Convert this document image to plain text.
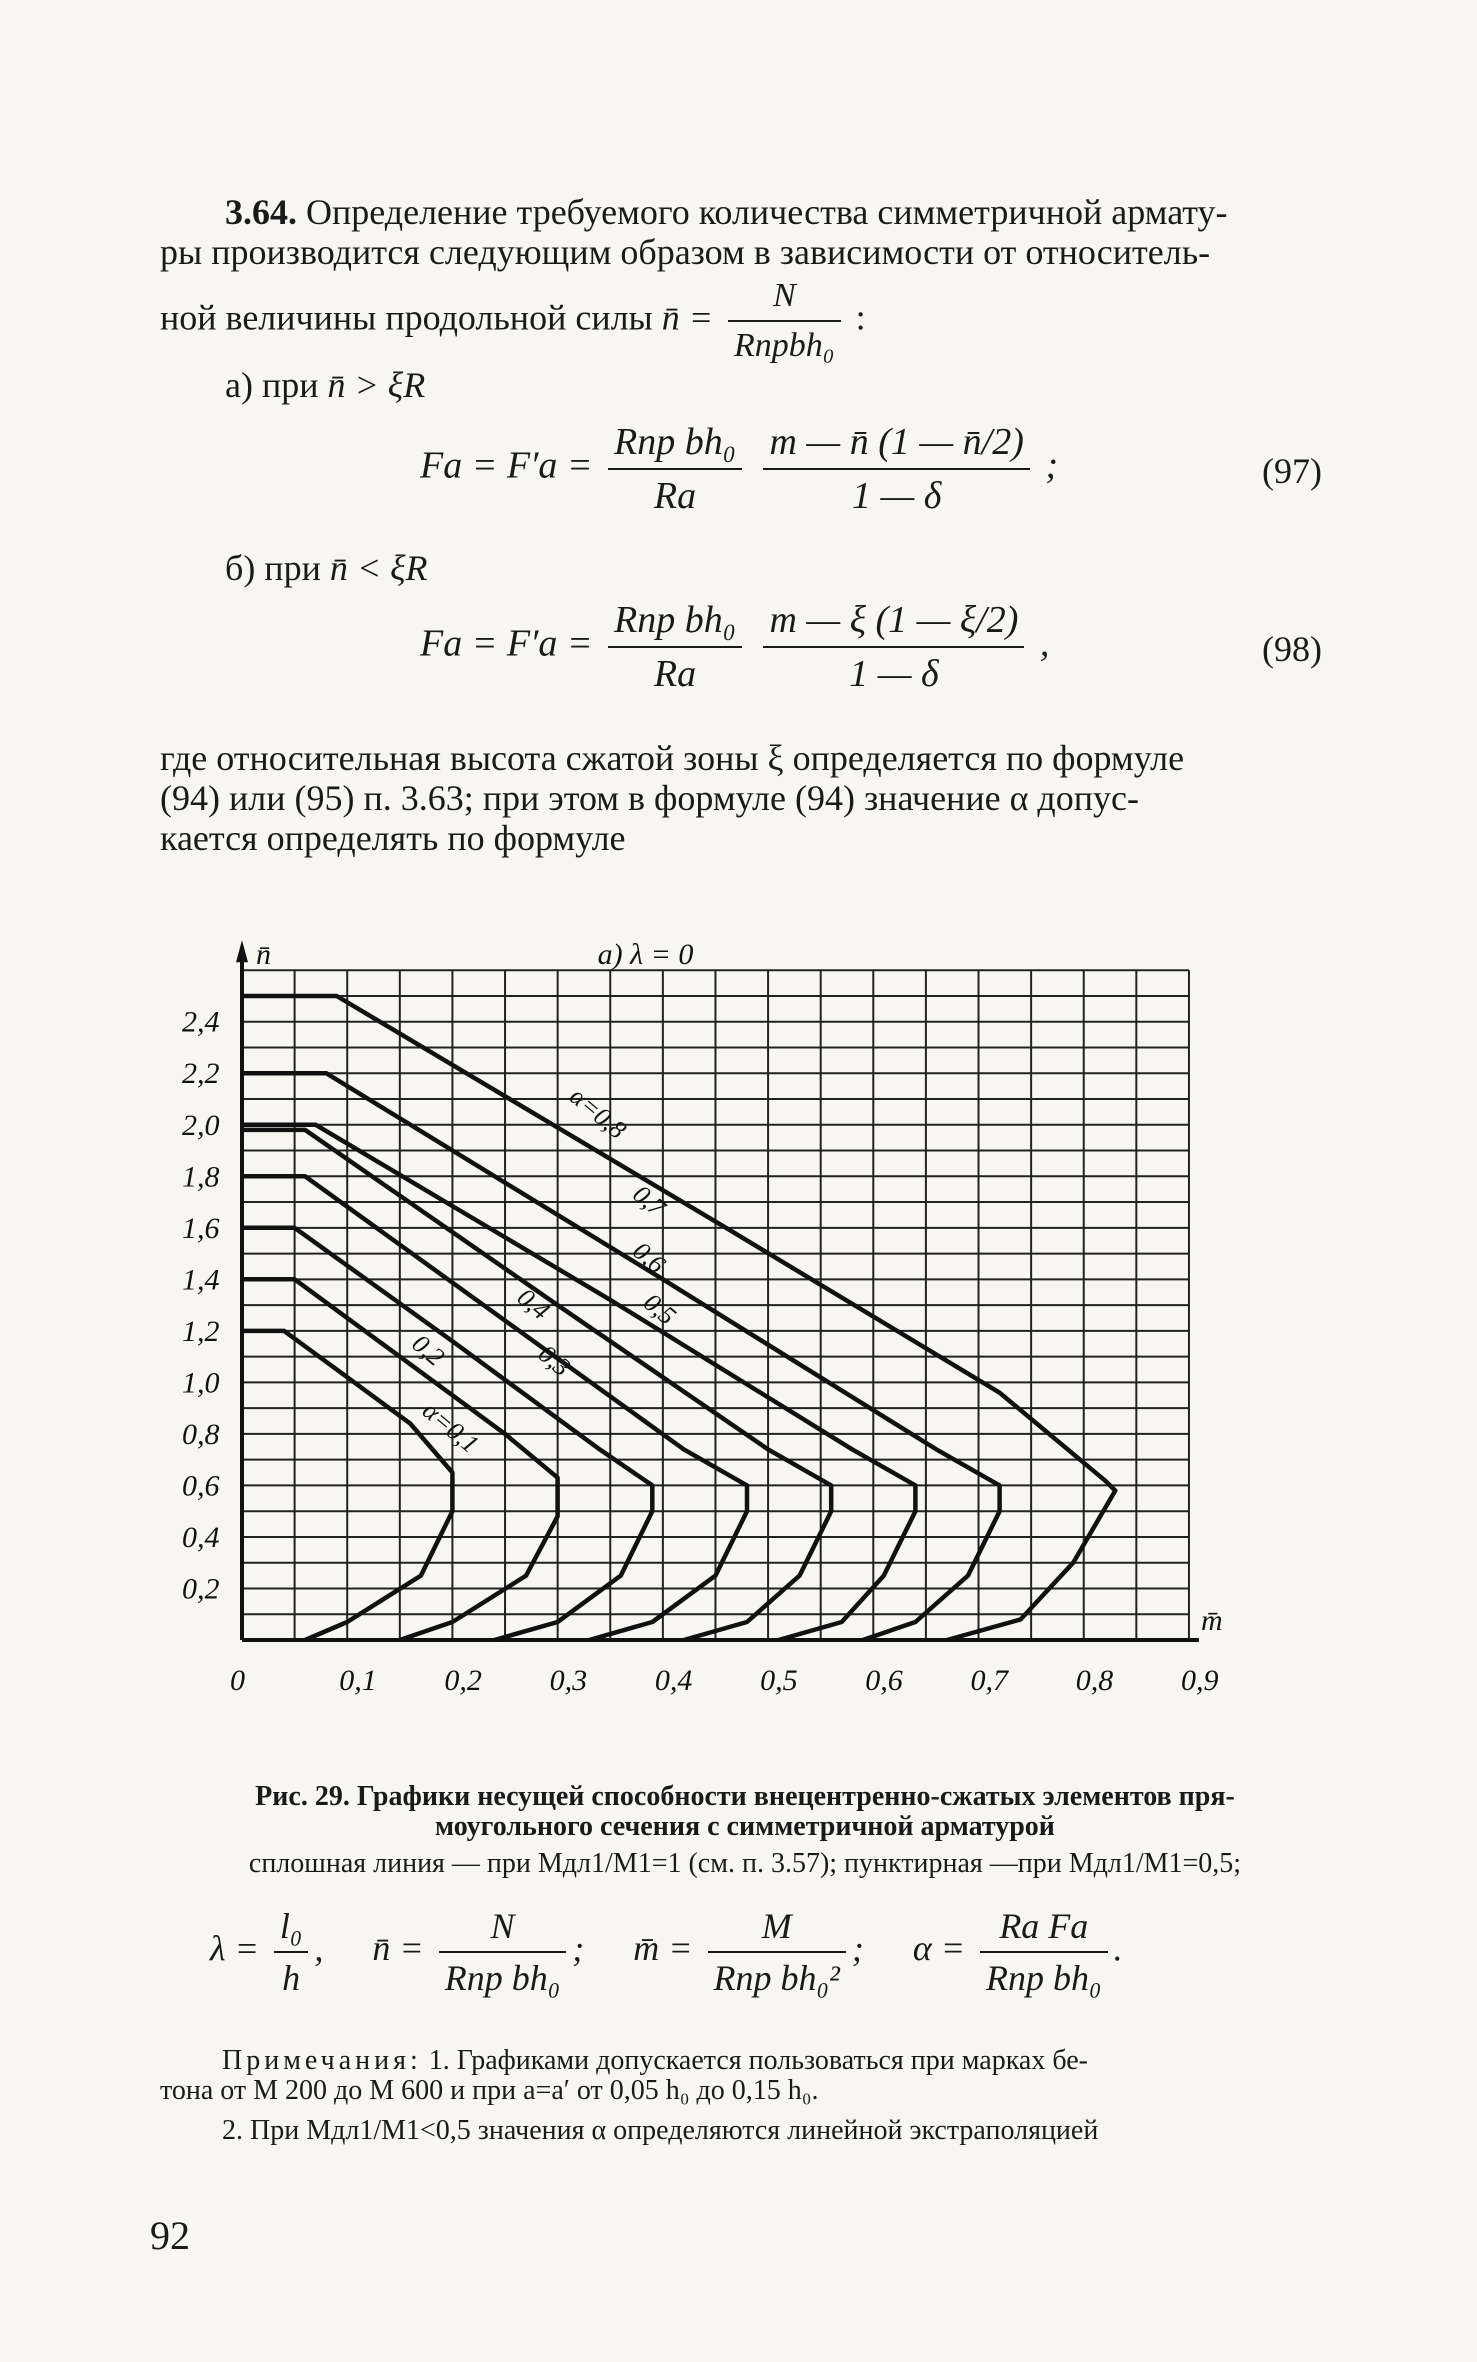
3.64. Определение требуемого количества симметричной армату-
ры производится следующим образом в зависимости от относитель-
ной величины продольной силы n̄ = $\frac{N}{\text{Rпрbh₀}}$ :
а) при n̄ > ξR
$Fa = F'a = \frac{\text{Rпр bh₀}}{Ra}$
$\frac{m — n̄ (1 — n̄/2)}{1 — \delta}$ ;	(97)
б) при n̄ < ξR
$Fa = F'a = \frac{\text{Rпр bh₀}}{Ra}$
$\frac{m — \xi (1 — \xi/2)}{1 — \delta}$ ,	(98)
где относительная высота сжатой зоны ξ определяется по формуле
(94) или (95) п. 3.63; при этом в формуле (94) значение α допус-
кается определять по формуле
0	0,1 0,2 0,3 0,4 0,5 0,6 0,7 0,8 0,9
0,2
0,4
0,6
0,8
1,0
1,2
1,4
1,6
1,8
2,0
2,2
2,4
n̄
m̄
а) λ = 0
α=0,1
0,2	0,3
0,4	0,5
0,6
0,7
α=0,8
Рис. 29. Графики несущей способности внецентренно-сжатых элементов пря-
моугольного сечения с симметричной арматурой
сплошная линия — при Mдл1/M1=1 (см. п. 3.57); пунктирная —при Mдл1/M1=0,5;
$\lambda = \frac{\text{l₀}}{h}$ , n̄ = $\frac{N}{\text{Rпр bh₀}}$ ; m̄ = $\frac{M}{\text{Rпр bh₀²}}$ ; $\alpha = \frac{\text{Ra Fa}}{\text{Rпр bh₀}}$ .
Примечания: 1. Графиками допускается пользоваться при марках бе-
тона от М 200 до М 600 и при a=a′ от 0,05 h₀ до 0,15 h₀.
2. При Mдл1/M1<0,5 значения α определяются линейной экстраполяцией
92
